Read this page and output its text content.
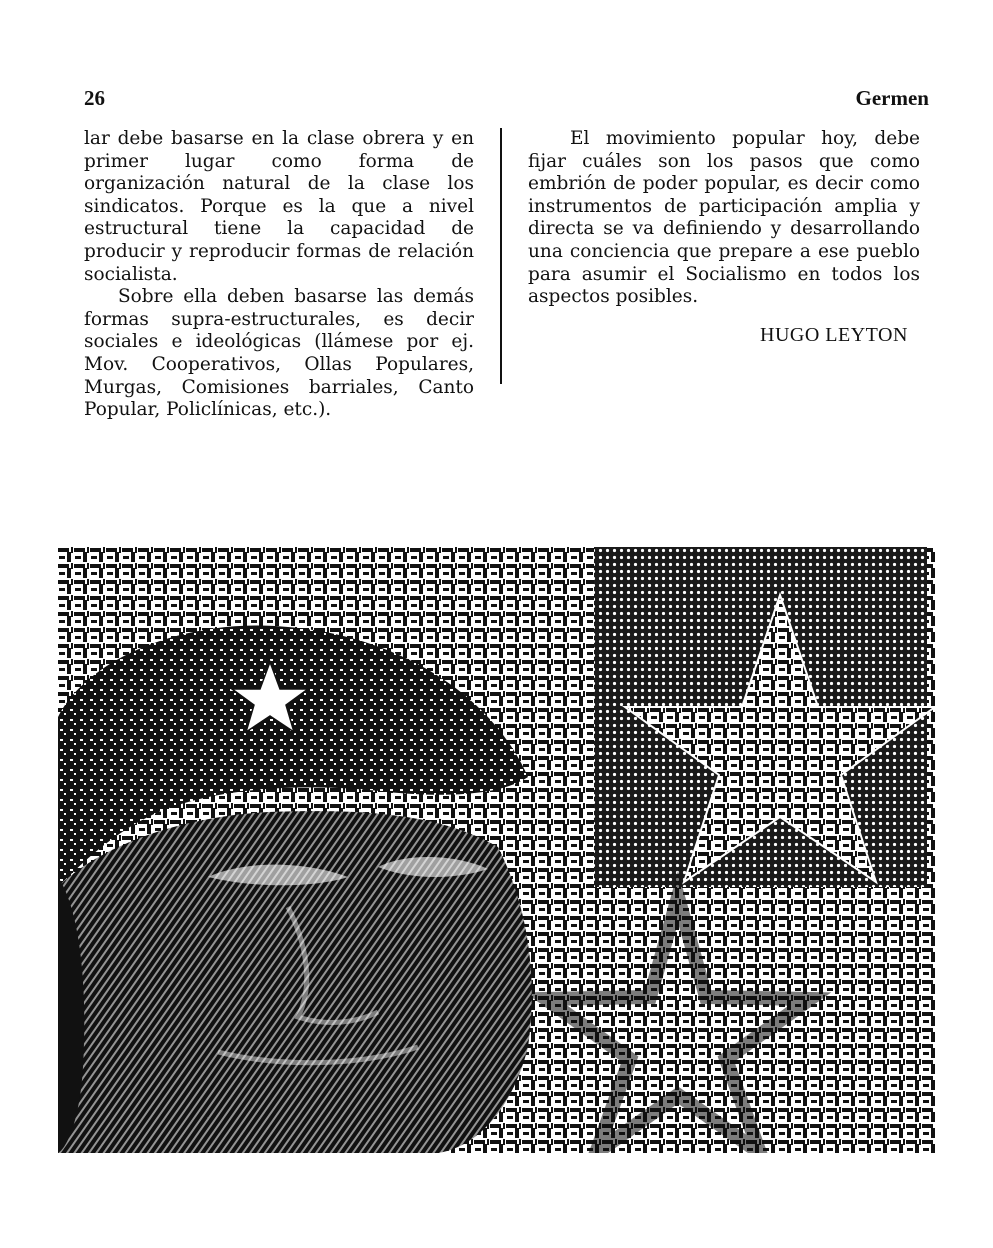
26	Germen

lar debe basarse en la clase obrera y en primer lugar como forma de organización natural de la clase los sindicatos. Porque es la que a nivel estructural tiene la capacidad de producir y reproducir formas de relación socialista.

Sobre ella deben basarse las demás formas supra-estructurales, es decir sociales e ideológicas (llámese por ej. Mov. Cooperativos, Ollas Populares, Murgas, Comisiones barriales, Canto Popular, Policlínicas, etc.).

El movimiento popular hoy, debe fijar cuáles son los pasos que como embrión de poder popular, es decir como instrumentos de participación amplia y directa se va definiendo y desarrollando una conciencia que prepare a ese pueblo para asumir el Socialismo en todos los aspectos posibles.

HUGO LEYTON
